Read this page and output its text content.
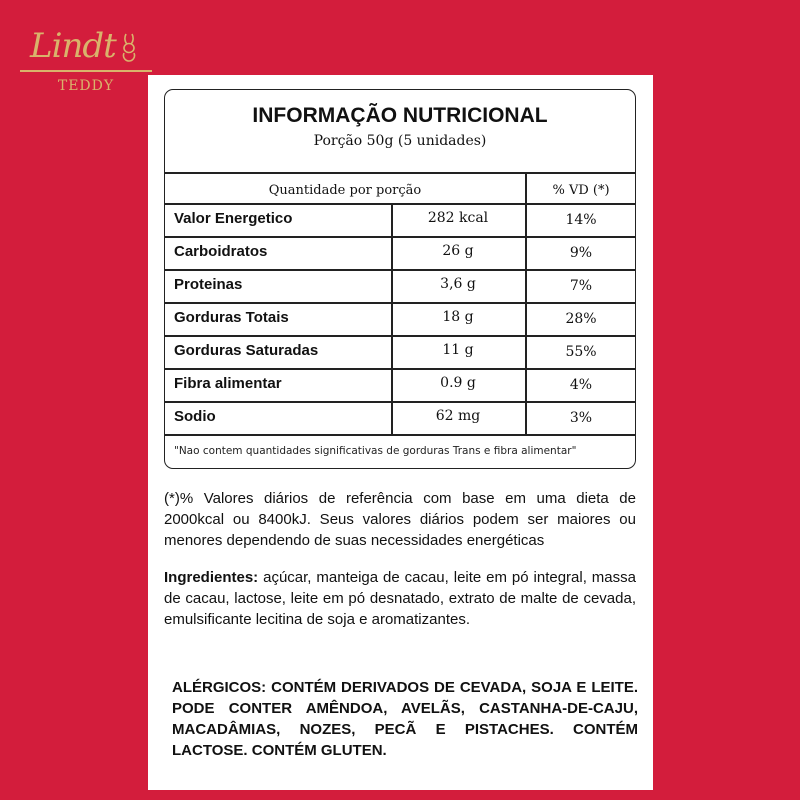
Lindt
TEDDY
INFORMAÇÃO NUTRICIONAL
Porção 50g (5 unidades)
Quantidade por porção	% VD (*)
Valor Energetico	282 kcal	14%
Carboidratos	26 g	9%
Proteinas	3,6 g	7%
Gorduras Totais	18 g	28%
Gorduras Saturadas	11 g	55%
Fibra alimentar	0.9 g	4%
Sodio	62 mg	3%
"Nao contem quantidades significativas de gorduras Trans e fibra alimentar"

(*)% Valores diários de referência com base em uma dieta de 2000kcal ou 8400kJ. Seus valores diários podem ser maiores ou menores dependendo de suas necessidades energéticas

Ingredientes: açúcar, manteiga de cacau, leite em pó integral, massa de cacau, lactose, leite em pó desnatado, extrato de malte de cevada, emulsificante lecitina de soja e aromatizantes.

ALÉRGICOS: CONTÉM DERIVADOS DE CEVADA, SOJA E LEITE. PODE CONTER AMÊNDOA, AVELÃS, CASTANHA-DE-CAJU, MACADÂMIAS, NOZES, PECÃ E PISTACHES. CONTÉM LACTOSE. CONTÉM GLUTEN.
